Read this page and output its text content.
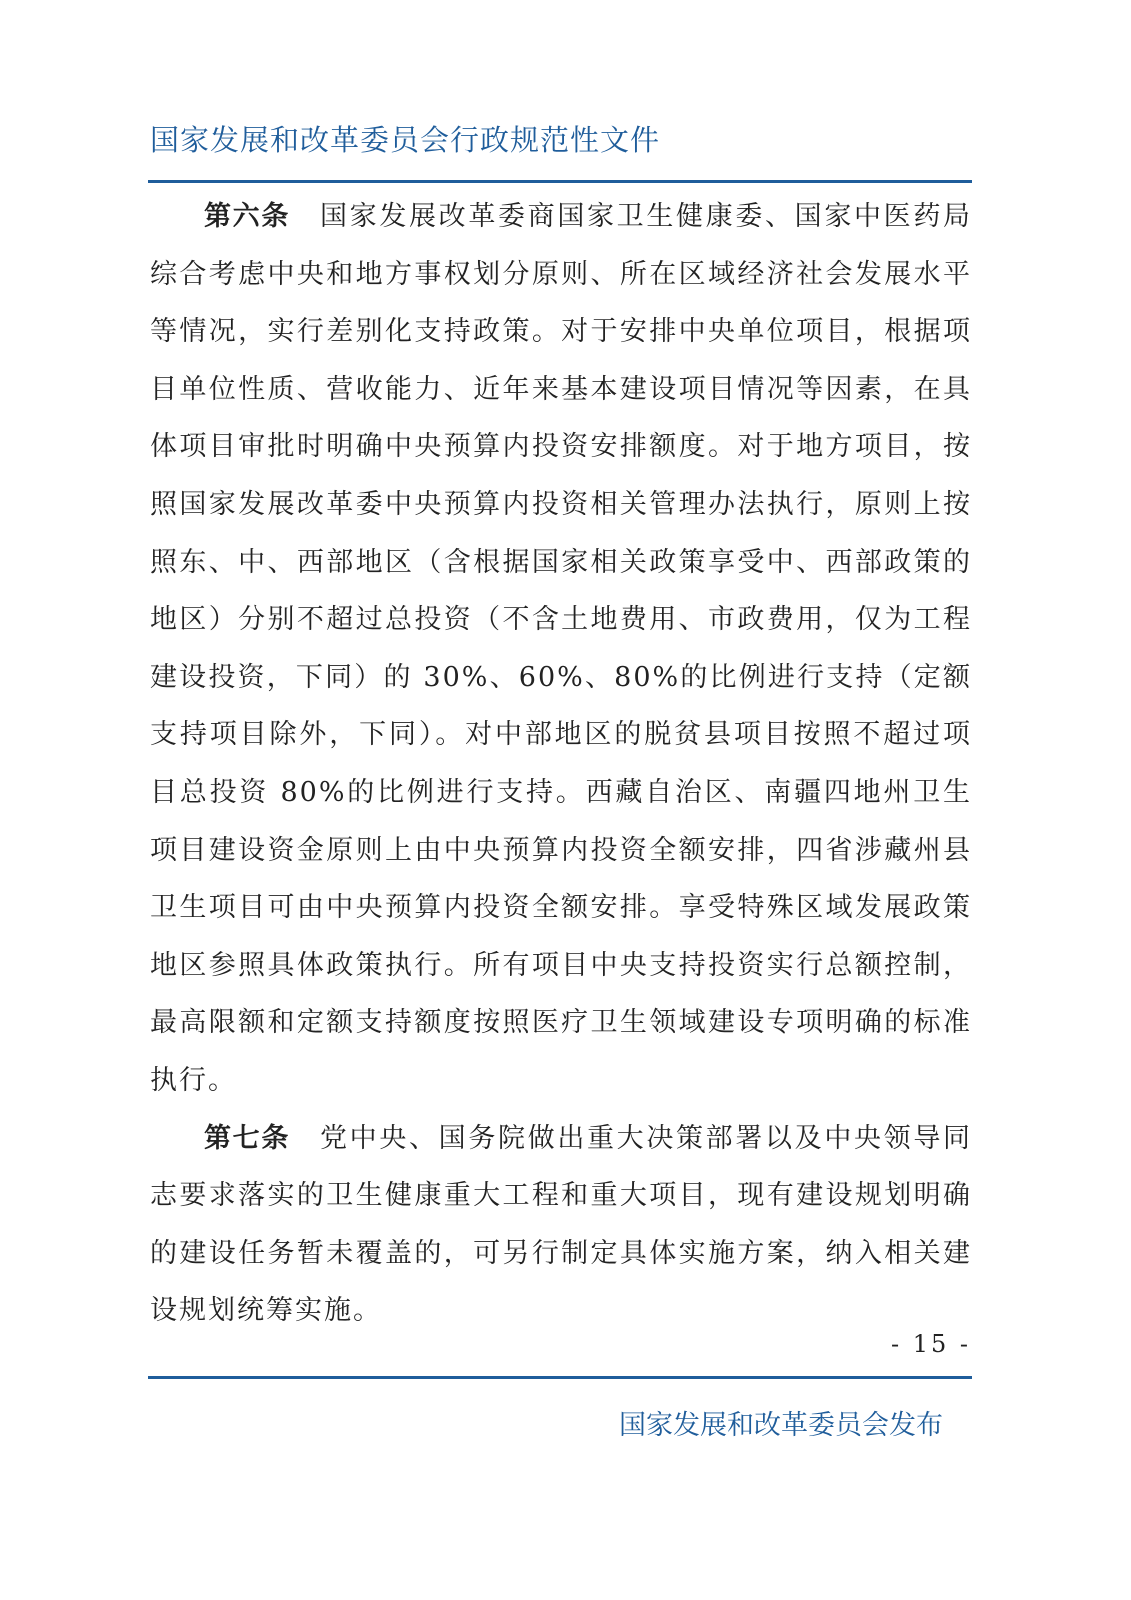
国家发展和改革委员会行政规范性文件

第六条 国家发展改革委商国家卫生健康委、国家中医药局综合考虑中央和地方事权划分原则、所在区域经济社会发展水平等情况，实行差别化支持政策。对于安排中央单位项目，根据项目单位性质、营收能力、近年来基本建设项目情况等因素，在具体项目审批时明确中央预算内投资安排额度。对于地方项目，按照国家发展改革委中央预算内投资相关管理办法执行，原则上按照东、中、西部地区（含根据国家相关政策享受中、西部政策的地区）分别不超过总投资（不含土地费用、市政费用，仅为工程建设投资，下同）的 30%、60%、80%的比例进行支持（定额支持项目除外，下同）。对中部地区的脱贫县项目按照不超过项目总投资 80%的比例进行支持。西藏自治区、南疆四地州卫生项目建设资金原则上由中央预算内投资全额安排，四省涉藏州县卫生项目可由中央预算内投资全额安排。享受特殊区域发展政策地区参照具体政策执行。所有项目中央支持投资实行总额控制，最高限额和定额支持额度按照医疗卫生领域建设专项明确的标准执行。

第七条 党中央、国务院做出重大决策部署以及中央领导同志要求落实的卫生健康重大工程和重大项目，现有建设规划明确的建设任务暂未覆盖的，可另行制定具体实施方案，纳入相关建设规划统筹实施。

- 15 -
国家发展和改革委员会发布
